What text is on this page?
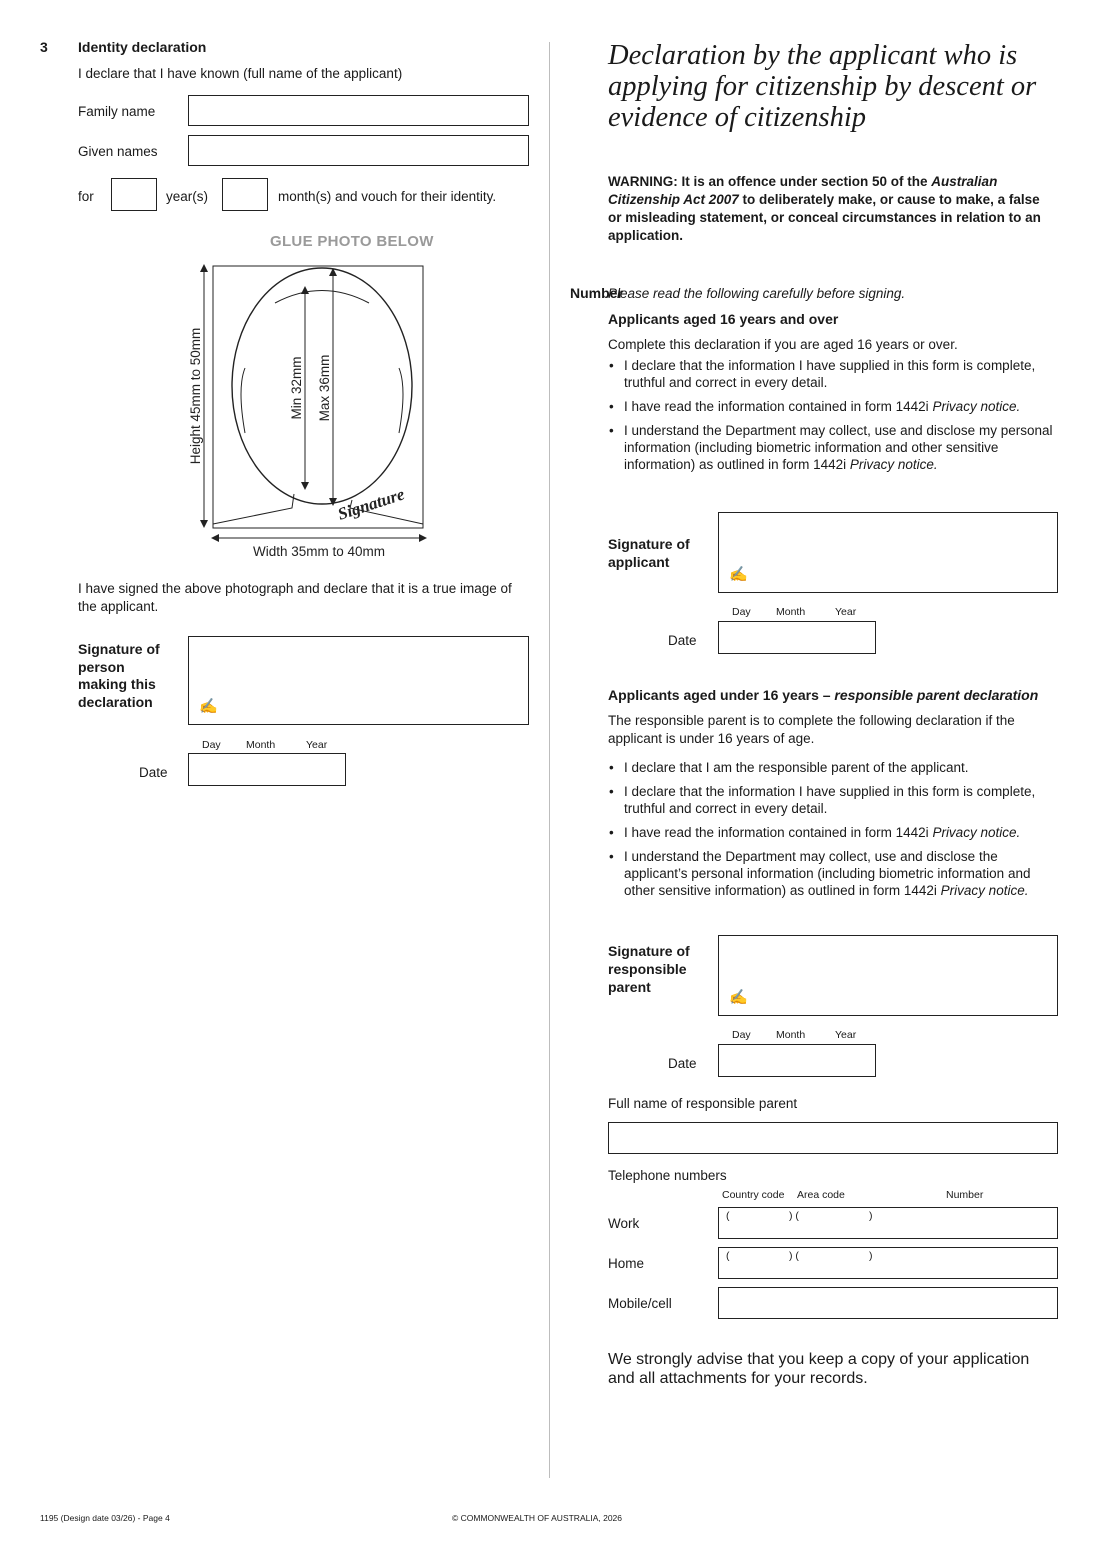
3 Identity declaration
I declare that I have known (full name of the applicant)
Family name
Given names
for	year(s)	month(s) and vouch for their identity.
GLUE PHOTO BELOW
Height 45mm to 50mm	Min 32mm Max 36mm
Width 35mm to 40mm
Signature
I have signed the above photograph and declare that it is a true image of the applicant.
Signature of
person
making this
declaration	✍
Day Month	Year
Date
Declaration by the applicant who is
applying for citizenship by descent or
evidence of citizenship
WARNING: It is an offence under section 50 of the Australian Citizenship Act 2007 to deliberately make, or cause to make, a false or misleading statement, or conceal circumstances in relation to an application.
Number
Please read the following carefully before signing.
Applicants aged 16 years and over
Complete this declaration if you are aged 16 years or over.
• I declare that the information I have supplied in this form is complete, truthful and correct in every detail.
• I have read the information contained in form 1442i Privacy notice.
• I understand the Department may collect, use and disclose my personal information (including biometric information and other sensitive information) as outlined in form 1442i Privacy notice.
Signature of
applicant
✍
Day Month	Year
Date
Applicants aged under 16 years – responsible parent declaration
The responsible parent is to complete the following declaration if the applicant is under 16 years of age.
• I declare that I am the responsible parent of the applicant.
• I declare that the information I have supplied in this form is complete, truthful and correct in every detail.
• I have read the information contained in form 1442i Privacy notice.
• I understand the Department may collect, use and disclose the applicant’s personal information (including biometric information and other sensitive information) as outlined in form 1442i Privacy notice.
Signature of
responsible
parent
✍
Day Month	Year
Date
Full name of responsible parent
Telephone numbers
Country code Area code	Number
Work	(	) (	)
Home	(	) (	)
Mobile/cell
We strongly advise that you keep a copy of your application and all attachments for your records.
1195 (Design date 03/26) - Page 4	© COMMONWEALTH OF AUSTRALIA, 2026
